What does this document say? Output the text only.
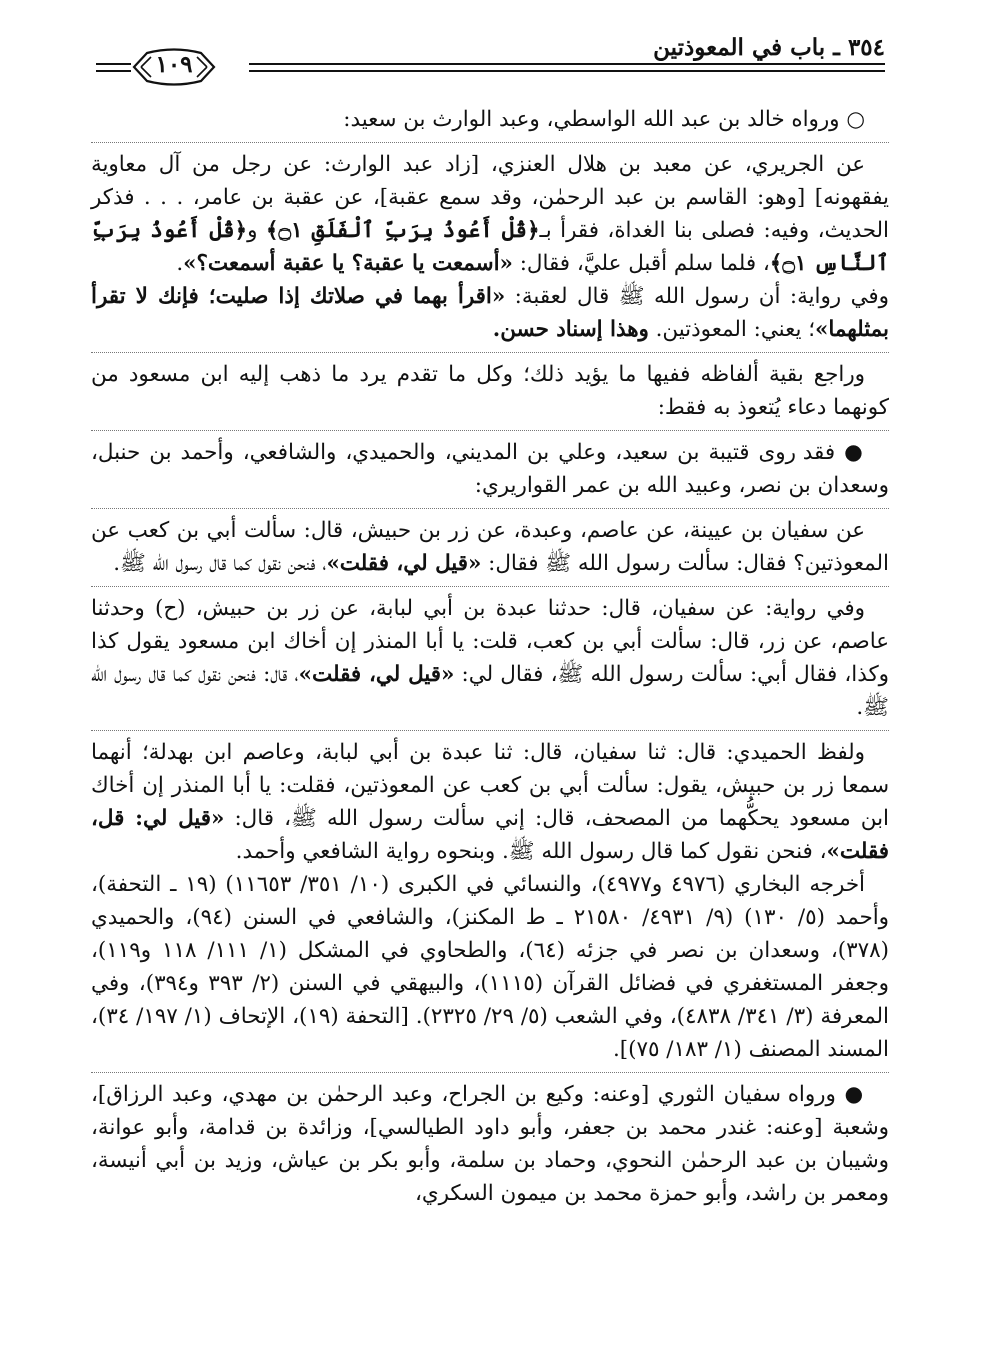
٣٥٤ ـ باب في المعوذتين
١٠٩

○ ورواه خالد بن عبد الله الواسطي، وعبد الوارث بن سعيد:

عن الجريري، عن معبد بن هلال العنزي، [زاد عبد الوارث: عن رجل من آل معاوية يفقهونه] [وهو: القاسم بن عبد الرحمٰن، وقد سمع عقبة]، عن عقبة بن عامر، . . . فذكر الحديث، وفيه: فصلى بنا الغداة، فقرأ بـ﴿قُلْ أَعُوذُ بِرَبِّ ٱلْفَلَقِ ۝١﴾ و﴿قُلْ أَعُوذُ بِرَبِّ ٱلنَّاسِ ۝١﴾، فلما سلم أقبل عليَّ، فقال: «أسمعت يا عقبة؟ يا عقبة أسمعت؟».
وفي رواية: أن رسول الله ﷺ قال لعقبة: «اقرأ بهما في صلاتك إذا صليت؛ فإنك لا تقرأ بمثلهما»؛ يعني: المعوذتين. وهذا إسناد حسن.

وراجع بقية ألفاظه ففيها ما يؤيد ذلك؛ وكل ما تقدم يرد ما ذهب إليه ابن مسعود من كونهما دعاء يُتعوذ به فقط:

● فقد روى قتيبة بن سعيد، وعلي بن المديني، والحميدي، والشافعي، وأحمد بن حنبل، وسعدان بن نصر، وعبيد الله بن عمر القواريري:

عن سفيان بن عيينة، عن عاصم، وعبدة، عن زر بن حبيش، قال: سألت أبي بن كعب عن المعوذتين؟ فقال: سألت رسول الله ﷺ فقال: «قيل لي، فقلت»، فنحن نقول كما قال رسول الله ﷺ.

وفي رواية: عن سفيان، قال: حدثنا عبدة بن أبي لبابة، عن زر بن حبيش، (ح) وحدثنا عاصم، عن زر، قال: سألت أبي بن كعب، قلت: يا أبا المنذر إن أخاك ابن مسعود يقول كذا وكذا، فقال أبي: سألت رسول الله ﷺ، فقال لي: «قيل لي، فقلت»، قال: فنحن نقول كما قال رسول الله ﷺ.

ولفظ الحميدي: قال: ثنا سفيان، قال: ثنا عبدة بن أبي لبابة، وعاصم ابن بهدلة؛ أنهما سمعا زر بن حبيش، يقول: سألت أبي بن كعب عن المعوذتين، فقلت: يا أبا المنذر إن أخاك ابن مسعود يحكُّهما من المصحف، قال: إني سألت رسول الله ﷺ، قال: «قيل لي: قل، فقلت»، فنحن نقول كما قال رسول الله ﷺ. وبنحوه رواية الشافعي وأحمد.

أخرجه البخاري (٤٩٧٦ و٤٩٧٧)، والنسائي في الكبرى (١٠/ ٣٥١/ ١١٦٥٣) (١٩ ـ التحفة)، وأحمد (٥/ ١٣٠) (٩/ ٤٩٣١/ ٢١٥٨٠ ـ ط المكنز)، والشافعي في السنن (٩٤)، والحميدي (٣٧٨)، وسعدان بن نصر في جزئه (٦٤)، والطحاوي في المشكل (١/ ١١١/ ١١٨ و١١٩)، وجعفر المستغفري في فضائل القرآن (١١١٥)، والبيهقي في السنن (٢/ ٣٩٣ و٣٩٤)، وفي المعرفة (٣/ ٣٤١/ ٤٨٣٨)، وفي الشعب (٥/ ٢٩/ ٢٣٢٥). [التحفة (١٩)، الإتحاف (١/ ١٩٧/ ٣٤)، المسند المصنف (١/ ١٨٣/ ٧٥)].

● ورواه سفيان الثوري [وعنه: وكيع بن الجراح، وعبد الرحمٰن بن مهدي، وعبد الرزاق]، وشعبة [وعنه: غندر محمد بن جعفر، وأبو داود الطيالسي]، وزائدة بن قدامة، وأبو عوانة، وشيبان بن عبد الرحمٰن النحوي، وحماد بن سلمة، وأبو بكر بن عياش، وزيد بن أبي أنيسة، ومعمر بن راشد، وأبو حمزة محمد بن ميمون السكري،
